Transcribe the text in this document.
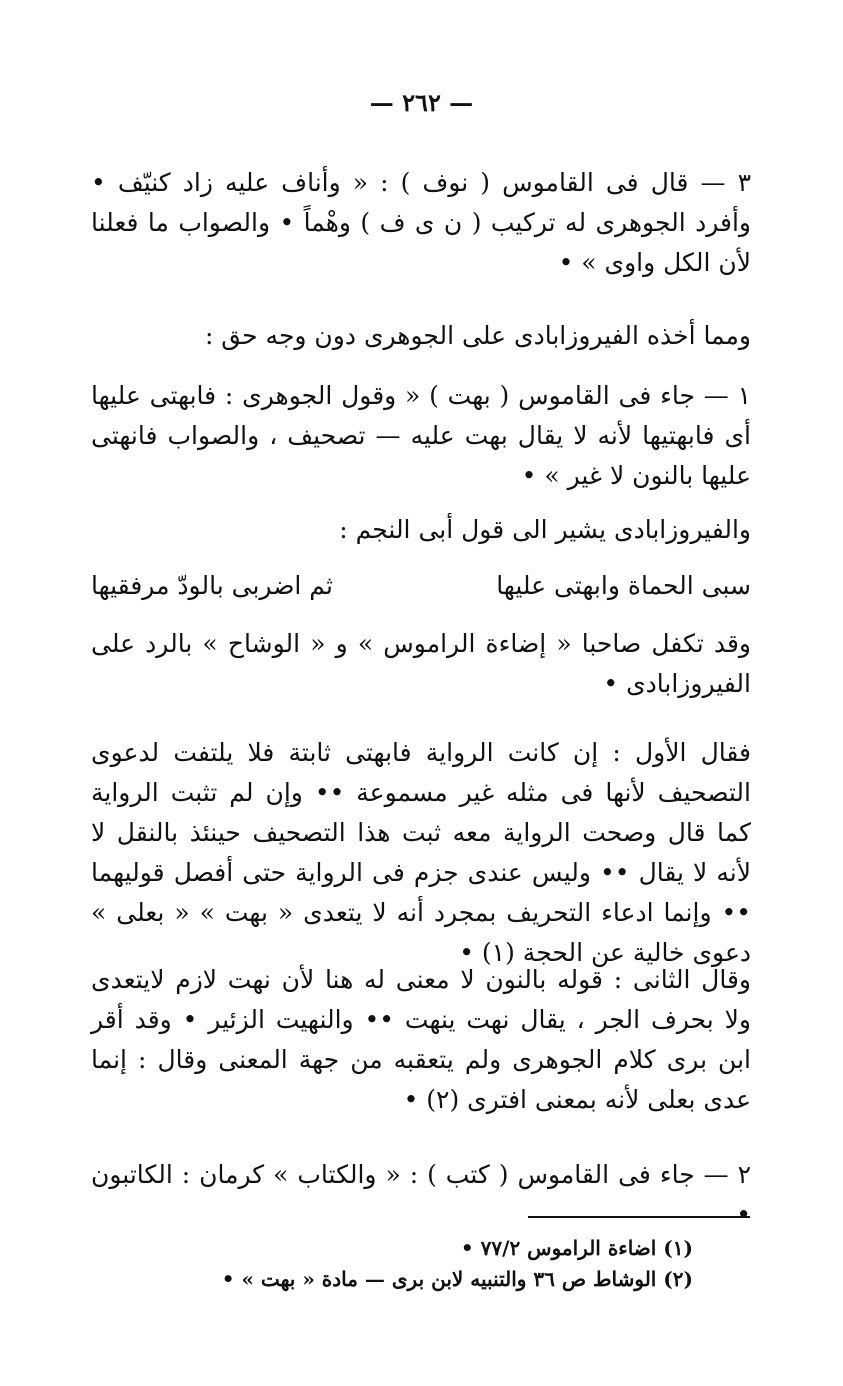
— ٢٦٢ —

٣ — قال فى القاموس ( نوف ) : « وأناف عليه زاد كنيّف • وأفرد الجوهرى له تركيب ( ن ى ف ) وهْماً • والصواب ما فعلنا لأن الكل واوى » •

ومما أخذه الفيروزابادى على الجوهرى دون وجه حق :

١ — جاء فى القاموس ( بهت ) « وقول الجوهرى : فابهتى عليها أى فابهتيها لأنه لا يقال بهت عليه — تصحيف ، والصواب فانهتى عليها بالنون لا غير » •

والفيروزابادى يشير الى قول أبى النجم :

سبى الحماة وابهتى عليها
ثم اضربى بالودّ مرفقيها

وقد تكفل صاحبا « إضاءة الراموس » و « الوشاح » بالرد على الفيروزابادى •

فقال الأول : إن كانت الرواية فابهتى ثابتة فلا يلتفت لدعوى التصحيف لأنها فى مثله غير مسموعة •• وإن لم تثبت الرواية كما قال وصحت الرواية معه ثبت هذا التصحيف حينئذ بالنقل لا لأنه لا يقال •• وليس عندى جزم فى الرواية حتى أفصل قوليهما •• وإنما ادعاء التحريف بمجرد أنه لا يتعدى « بهت » « بعلى » دعوى خالية عن الحجة (١) •

وقال الثانى : قوله بالنون لا معنى له هنا لأن نهت لازم لايتعدى ولا بحرف الجر ، يقال نهت ينهت •• والنهيت الزئير • وقد أقر ابن برى كلام الجوهرى ولم يتعقبه من جهة المعنى وقال : إنما عدى بعلى لأنه بمعنى افترى (٢) •

٢ — جاء فى القاموس ( كتب ) : « والكتاب » كرمان : الكاتبون •

(١) اضاءة الراموس ٧٧/٢ •
(٢) الوشاط ص ٣٦ والتنبيه لابن برى — مادة « بهت » •
